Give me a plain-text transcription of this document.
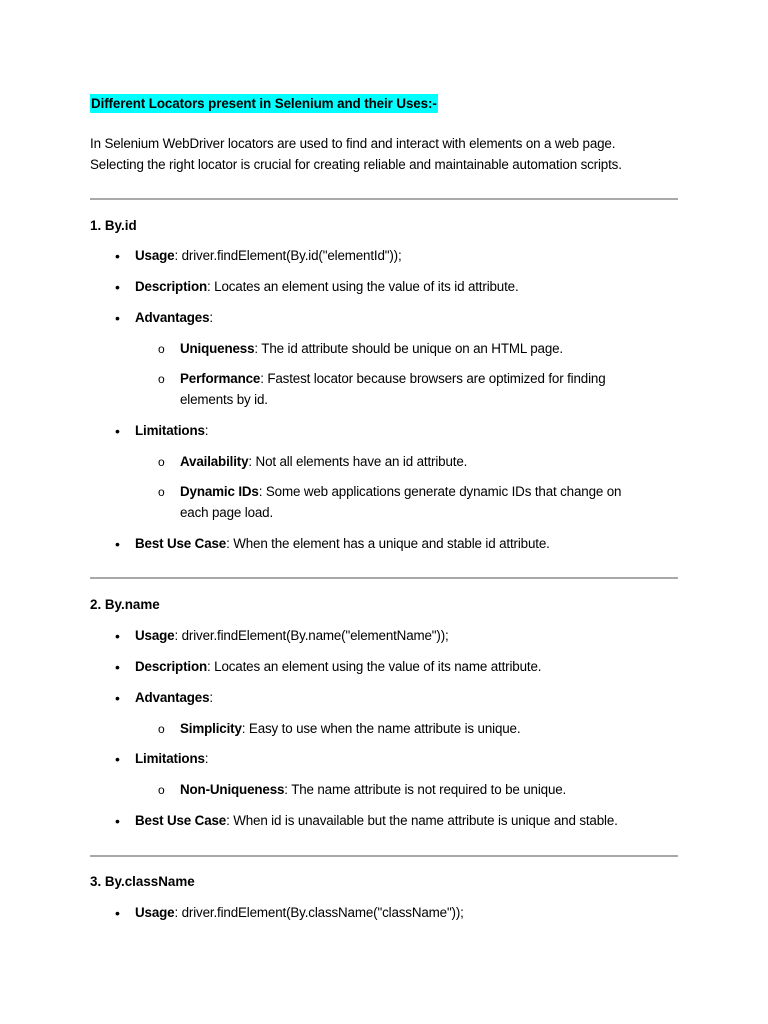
Different Locators present in Selenium and their Uses:-

In Selenium WebDriver locators are used to find and interact with elements on a web page.

Selecting the right locator is crucial for creating reliable and maintainable automation scripts.

1. By.id
• Usage: driver.findElement(By.id("elementId"));
• Description: Locates an element using the value of its id attribute.
• Advantages:
o Uniqueness: The id attribute should be unique on an HTML page.
o Performance: Fastest locator because browsers are optimized for finding elements by id.
• Limitations:
o Availability: Not all elements have an id attribute.
o Dynamic IDs: Some web applications generate dynamic IDs that change on each page load.
• Best Use Case: When the element has a unique and stable id attribute.
2. By.name
• Usage: driver.findElement(By.name("elementName"));
• Description: Locates an element using the value of its name attribute.
• Advantages:
o Simplicity: Easy to use when the name attribute is unique.
• Limitations:
o Non-Uniqueness: The name attribute is not required to be unique.
• Best Use Case: When id is unavailable but the name attribute is unique and stable.
3. By.className
• Usage: driver.findElement(By.className("className"));
